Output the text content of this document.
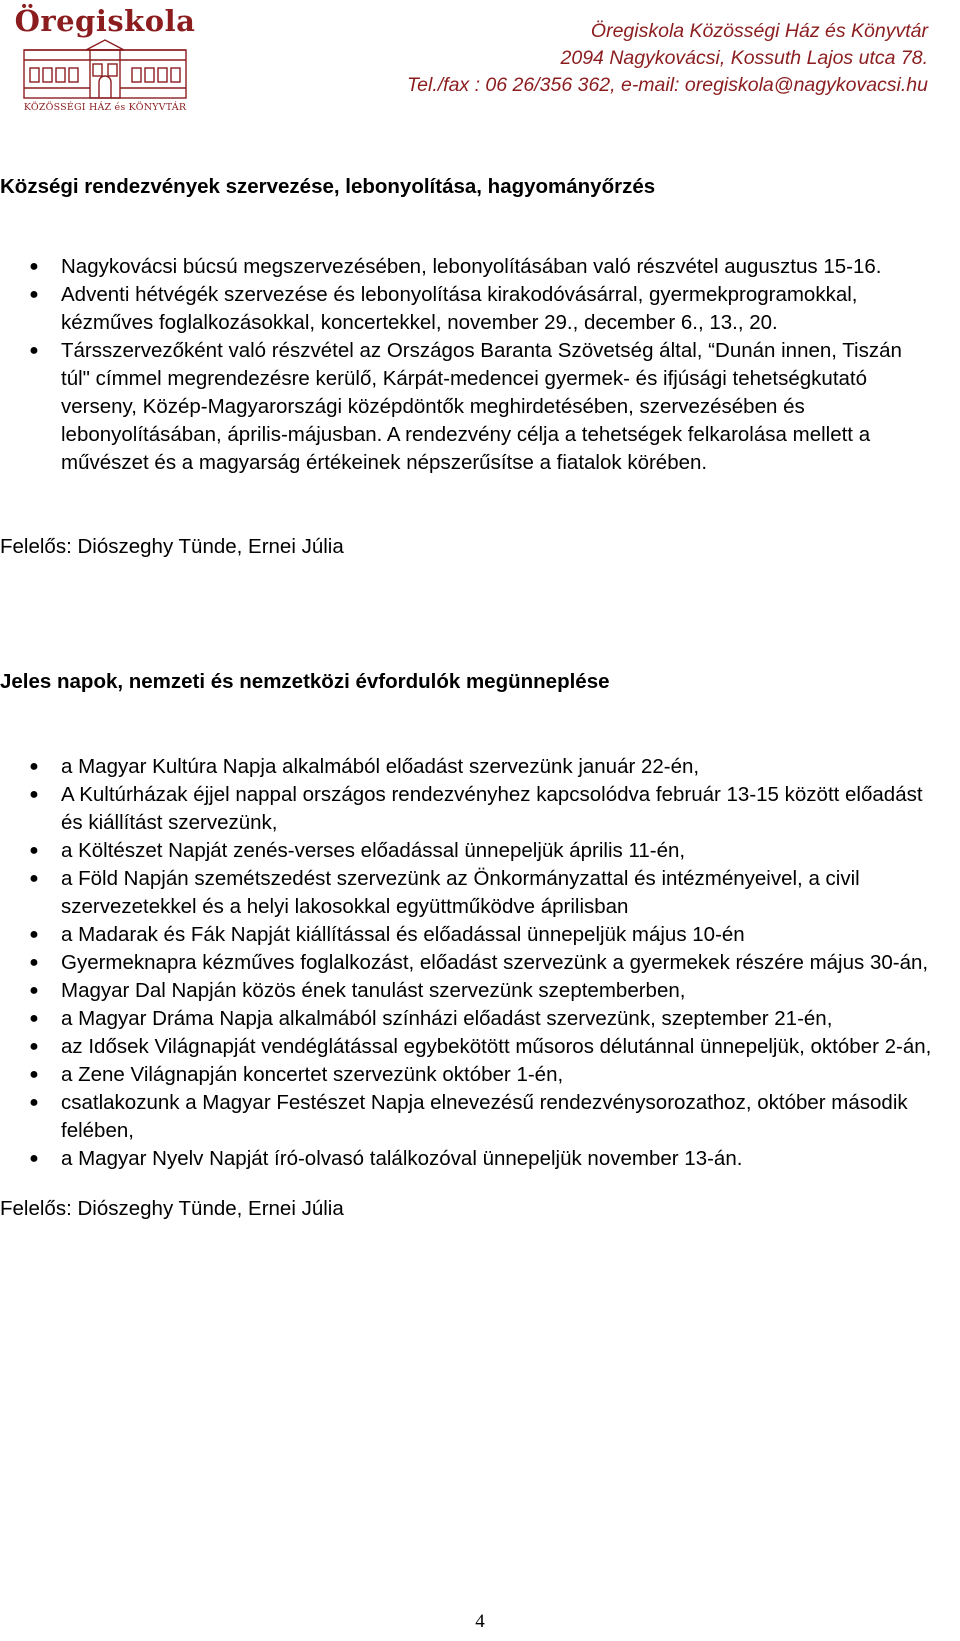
Öregiskola
KÖZÖSSÉGI HÁZ és KÖNYVTÁR
Öregiskola Közösségi Ház és Könyvtár
2094 Nagykovácsi, Kossuth Lajos utca 78.
Tel./fax : 06 26/356 362, e-mail: oregiskola@nagykovacsi.hu
Községi rendezvények szervezése, lebonyolítása, hagyományőrzés
● Nagykovácsi búcsú megszervezésében, lebonyolításában való részvétel augusztus 15-16.
● Adventi hétvégék szervezése és lebonyolítása kirakodóvásárral, gyermekprogramokkal, kézműves foglalkozásokkal, koncertekkel, november 29., december 6., 13., 20.
● Társszervezőként való részvétel az Országos Baranta Szövetség által, “Dunán innen, Tiszán túl" címmel megrendezésre kerülő, Kárpát-medencei gyermek- és ifjúsági tehetségkutató verseny, Közép-Magyarországi középdöntők meghirdetésében, szervezésében és lebonyolításában, április-májusban. A rendezvény célja a tehetségek felkarolása mellett a művészet és a magyarság értékeinek népszerűsítse a fiatalok körében.
Felelős: Diószeghy Tünde, Ernei Júlia
Jeles napok, nemzeti és nemzetközi évfordulók megünneplése
● a Magyar Kultúra Napja alkalmából előadást szervezünk január 22-én,
● A Kultúrházak éjjel nappal országos rendezvényhez kapcsolódva február 13-15 között előadást és kiállítást szervezünk,
● a Költészet Napját zenés-verses előadással ünnepeljük április 11-én,
● a Föld Napján szemétszedést szervezünk az Önkormányzattal és intézményeivel, a civil szervezetekkel és a helyi lakosokkal együttműködve áprilisban
● a Madarak és Fák Napját kiállítással és előadással ünnepeljük május 10-én
● Gyermeknapra kézműves foglalkozást, előadást szervezünk a gyermekek részére május 30-án,
● Magyar Dal Napján közös ének tanulást szervezünk szeptemberben,
● a Magyar Dráma Napja alkalmából színházi előadást szervezünk, szeptember 21-én,
● az Idősek Világnapját vendéglátással egybekötött műsoros délutánnal ünnepeljük, október 2-án,
● a Zene Világnapján koncertet szervezünk október 1-én,
● csatlakozunk a Magyar Festészet Napja elnevezésű rendezvénysorozathoz, október második felében,
● a Magyar Nyelv Napját író-olvasó találkozóval ünnepeljük november 13-án.
Felelős: Diószeghy Tünde, Ernei Júlia
4
